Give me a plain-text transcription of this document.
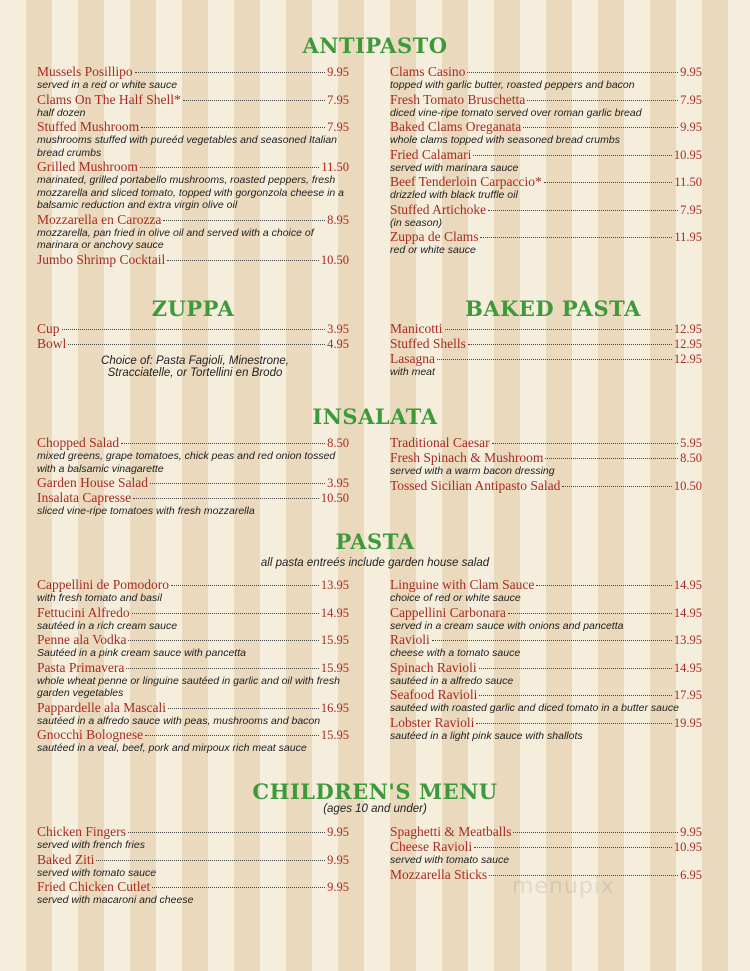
ANTIPASTO
Mussels Posillipo	9.95
served in a red or white sauce
Clams On The Half Shell*	7.95
half dozen
Stuffed Mushroom	7.95
mushrooms stuffed with pureéd vegetables and seasoned Italian bread crumbs
Grilled Mushroom	11.50
marinated, grilled portabello mushrooms, roasted peppers, fresh mozzarella and sliced tomato, topped with gorgonzola cheese in a balsamic reduction and extra virgin olive oil
Mozzarella en Carozza	8.95
mozzarella, pan fried in olive oil and served with a choice of marinara or anchovy sauce
Jumbo Shrimp Cocktail	10.50
Clams Casino	9.95
topped with garlic butter, roasted peppers and bacon
Fresh Tomato Bruschetta	7.95
diced vine-ripe tomato served over roman garlic bread
Baked Clams Oreganata	9.95
whole clams topped with seasoned bread crumbs
Fried Calamari	10.95
served with marinara sauce
Beef Tenderloin Carpaccio*	11.50
drizzled with black truffle oil
Stuffed Artichoke	7.95
(in season)
Zuppa de Clams	11.95
red or white sauce
ZUPPA
Cup	3.95
Bowl	4.95

Choice of: Pasta Fagioli, Minestrone, Stracciatelle, or Tortellini en Brodo

BAKED PASTA
Manicotti	12.95
Stuffed Shells	12.95
Lasagna	12.95
with meat
INSALATA
Chopped Salad	8.50
mixed greens, grape tomatoes, chick peas and red onion tossed with a balsamic vinagarette
Garden House Salad	3.95
Insalata Capresse	10.50
sliced vine-ripe tomatoes with fresh mozzarella
Traditional Caesar	5.95
Fresh Spinach & Mushroom	8.50
served with a warm bacon dressing
Tossed Sicilian Antipasto Salad	10.50
PASTA

all pasta entreés include garden house salad

Cappellini de Pomodoro	13.95
with fresh tomato and basil
Fettucini Alfredo	14.95
sautéed in a rich cream sauce
Penne ala Vodka	15.95
Sautéed in a pink cream sauce with pancetta
Pasta Primavera	15.95
whole wheat penne or linguine sautéed in garlic and oil with fresh garden vegetables
Pappardelle ala Mascali	16.95
sautéed in a alfredo sauce with peas, mushrooms and bacon
Gnocchi Bolognese	15.95
sautéed in a veal, beef, pork and mirpoux rich meat sauce
Linguine with Clam Sauce	14.95
choice of red or white sauce
Cappellini Carbonara	14.95
served in a cream sauce with onions and pancetta
Ravioli	13.95
cheese with a tomato sauce
Spinach Ravioli	14.95
sautéed in a alfredo sauce
Seafood Ravioli	17.95
sautéed with roasted garlic and diced tomato in a butter sauce
Lobster Ravioli	19.95
sautéed in a light pink sauce with shallots
CHILDREN'S MENU

(ages 10 and under)

Chicken Fingers	9.95
served with french fries
Baked Ziti	9.95
served with tomato sauce
Fried Chicken Cutlet	9.95
served with macaroni and cheese
Spaghetti & Meatballs	9.95
Cheese Ravioli	10.95
served with tomato sauce
Mozzarella Sticks	6.95
menupix
